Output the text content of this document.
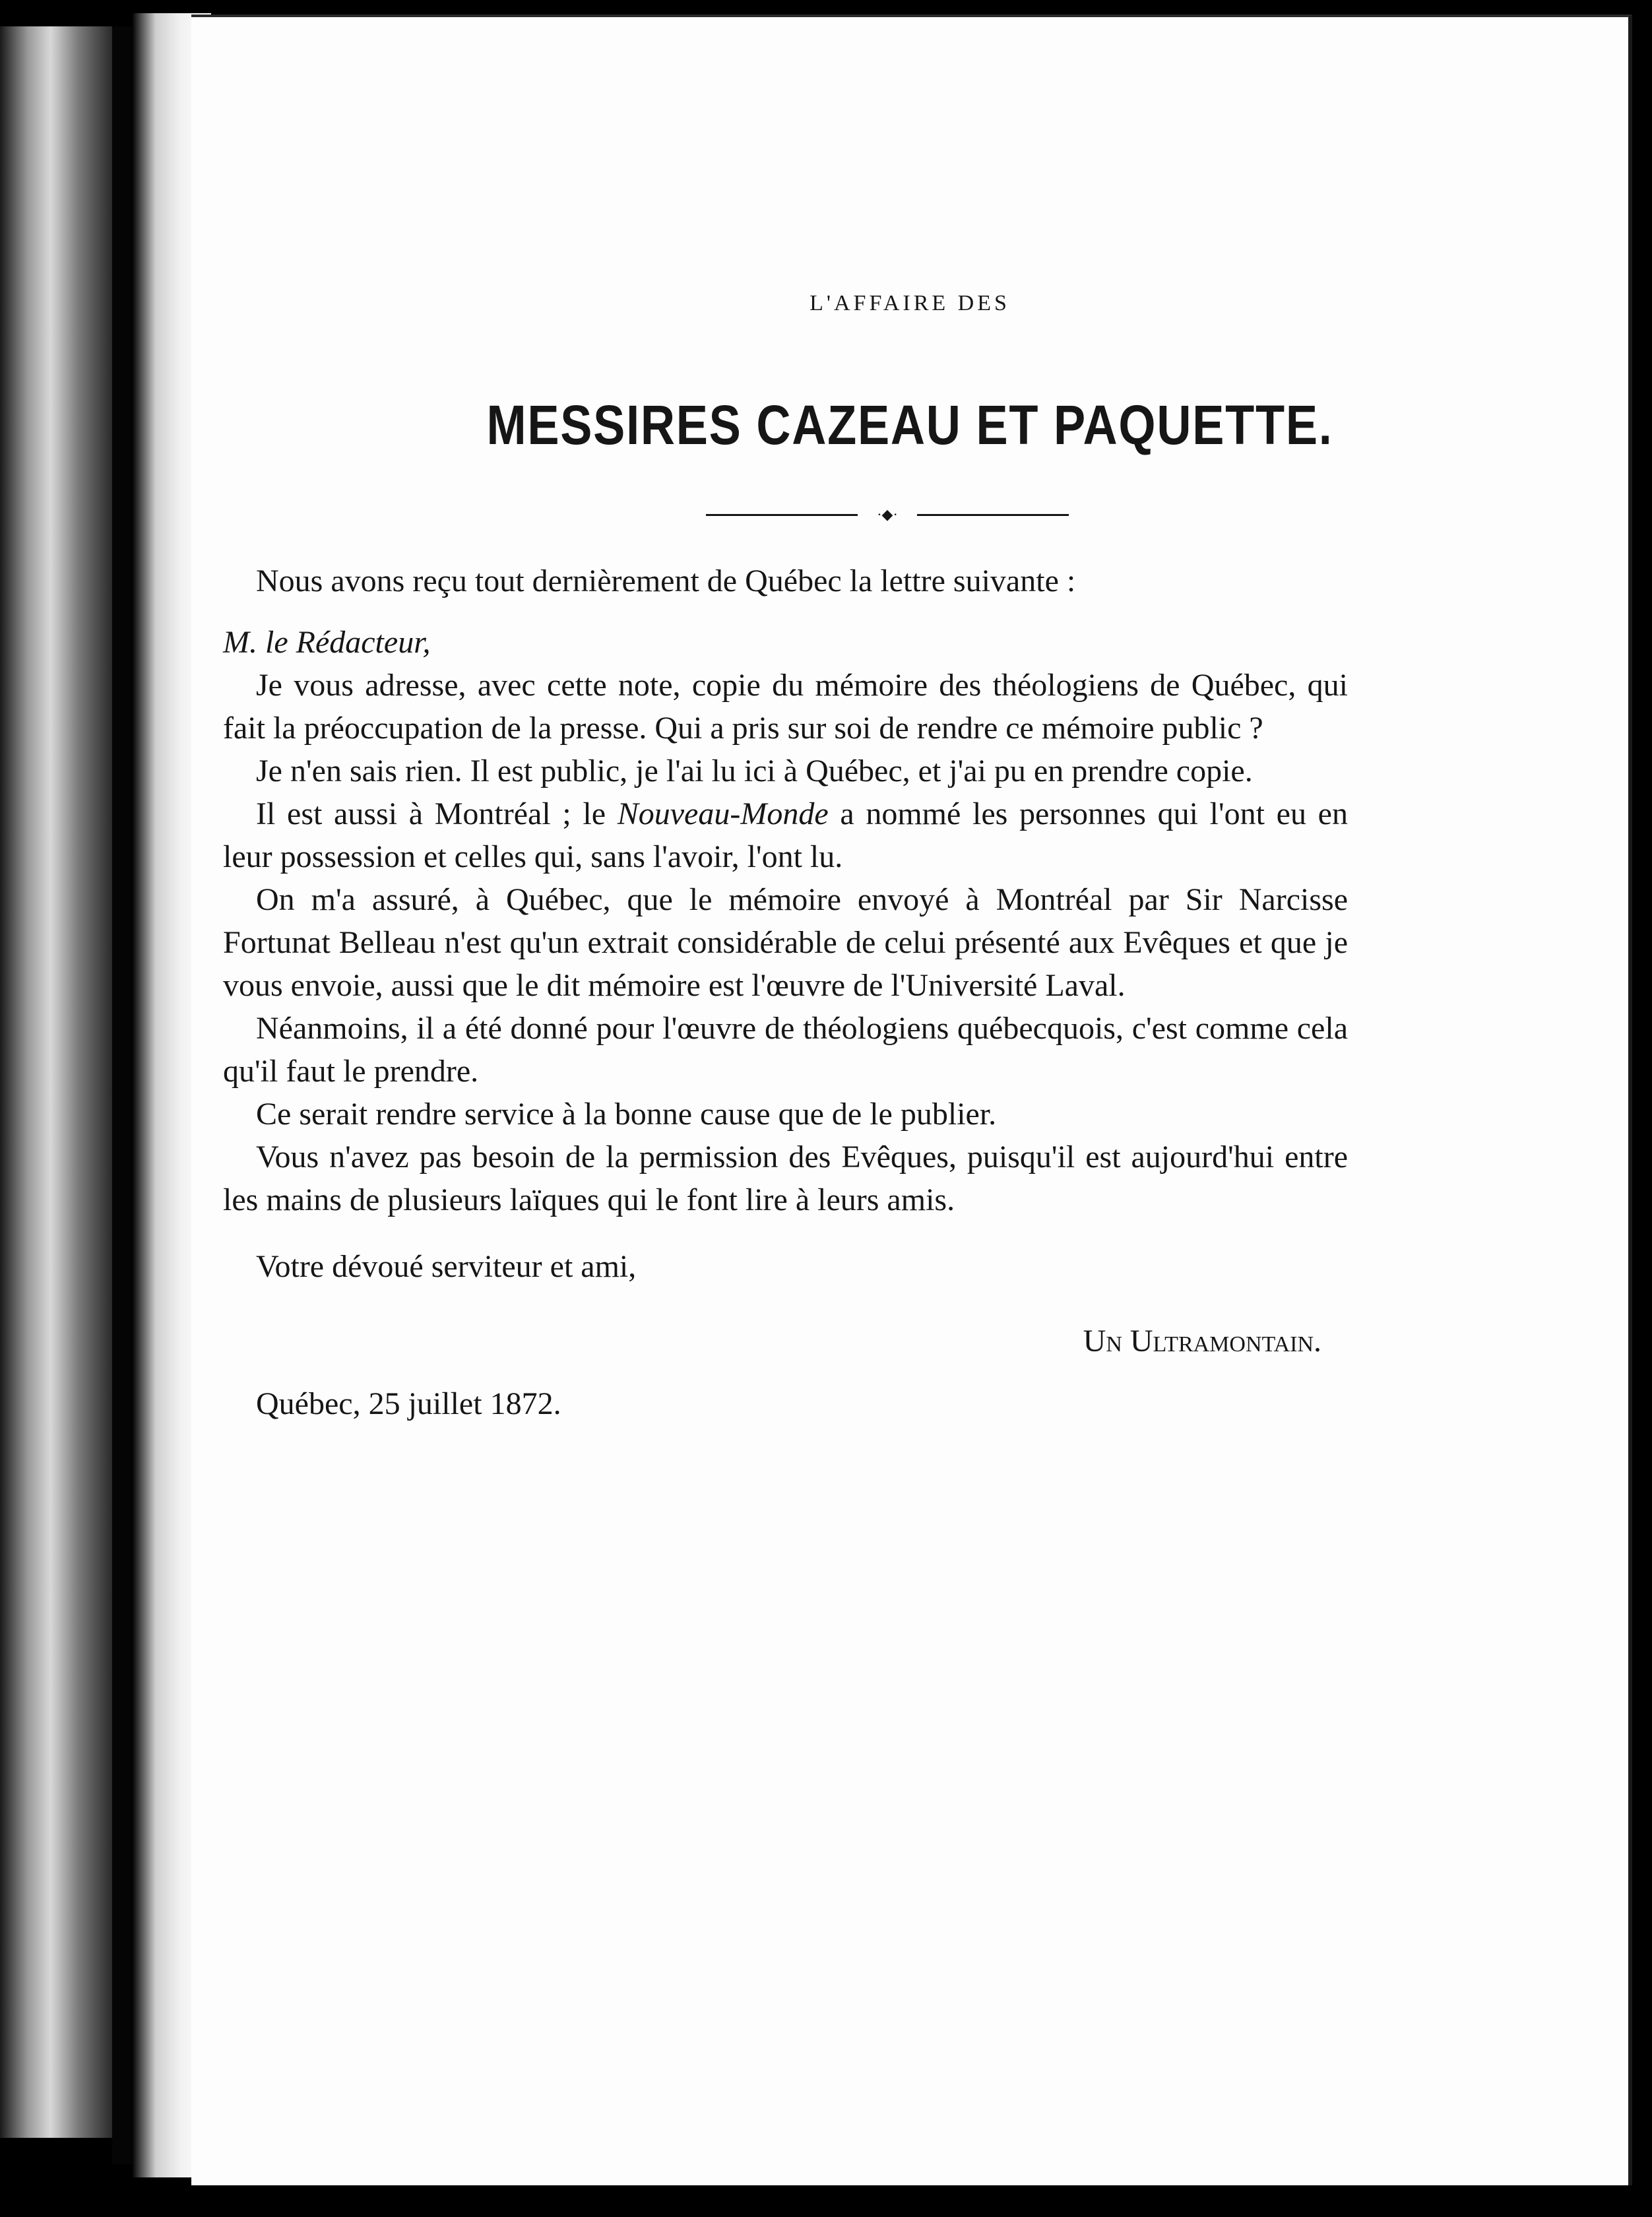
L'AFFAIRE DES
MESSIRES CAZEAU ET PAQUETTE.
·◆·

Nous avons reçu tout dernièrement de Québec la lettre suivante :

M. le Rédacteur,

Je vous adresse, avec cette note, copie du mémoire des théologiens de Québec, qui fait la préoccupation de la presse. Qui a pris sur soi de rendre ce mémoire public ?

Je n'en sais rien. Il est public, je l'ai lu ici à Québec, et j'ai pu en prendre copie.

Il est aussi à Montréal ; le Nouveau-Monde a nommé les personnes qui l'ont eu en leur possession et celles qui, sans l'avoir, l'ont lu.

On m'a assuré, à Québec, que le mémoire envoyé à Montréal par Sir Narcisse Fortunat Belleau n'est qu'un extrait considérable de celui présenté aux Evêques et que je vous envoie, aussi que le dit mémoire est l'œuvre de l'Université Laval.

Néanmoins, il a été donné pour l'œuvre de théologiens québecquois, c'est comme cela qu'il faut le prendre.

Ce serait rendre service à la bonne cause que de le publier.

Vous n'avez pas besoin de la permission des Evêques, puisqu'il est aujourd'hui entre les mains de plusieurs laïques qui le font lire à leurs amis.

Votre dévoué serviteur et ami,

Un Ultramontain.

Québec, 25 juillet 1872.
